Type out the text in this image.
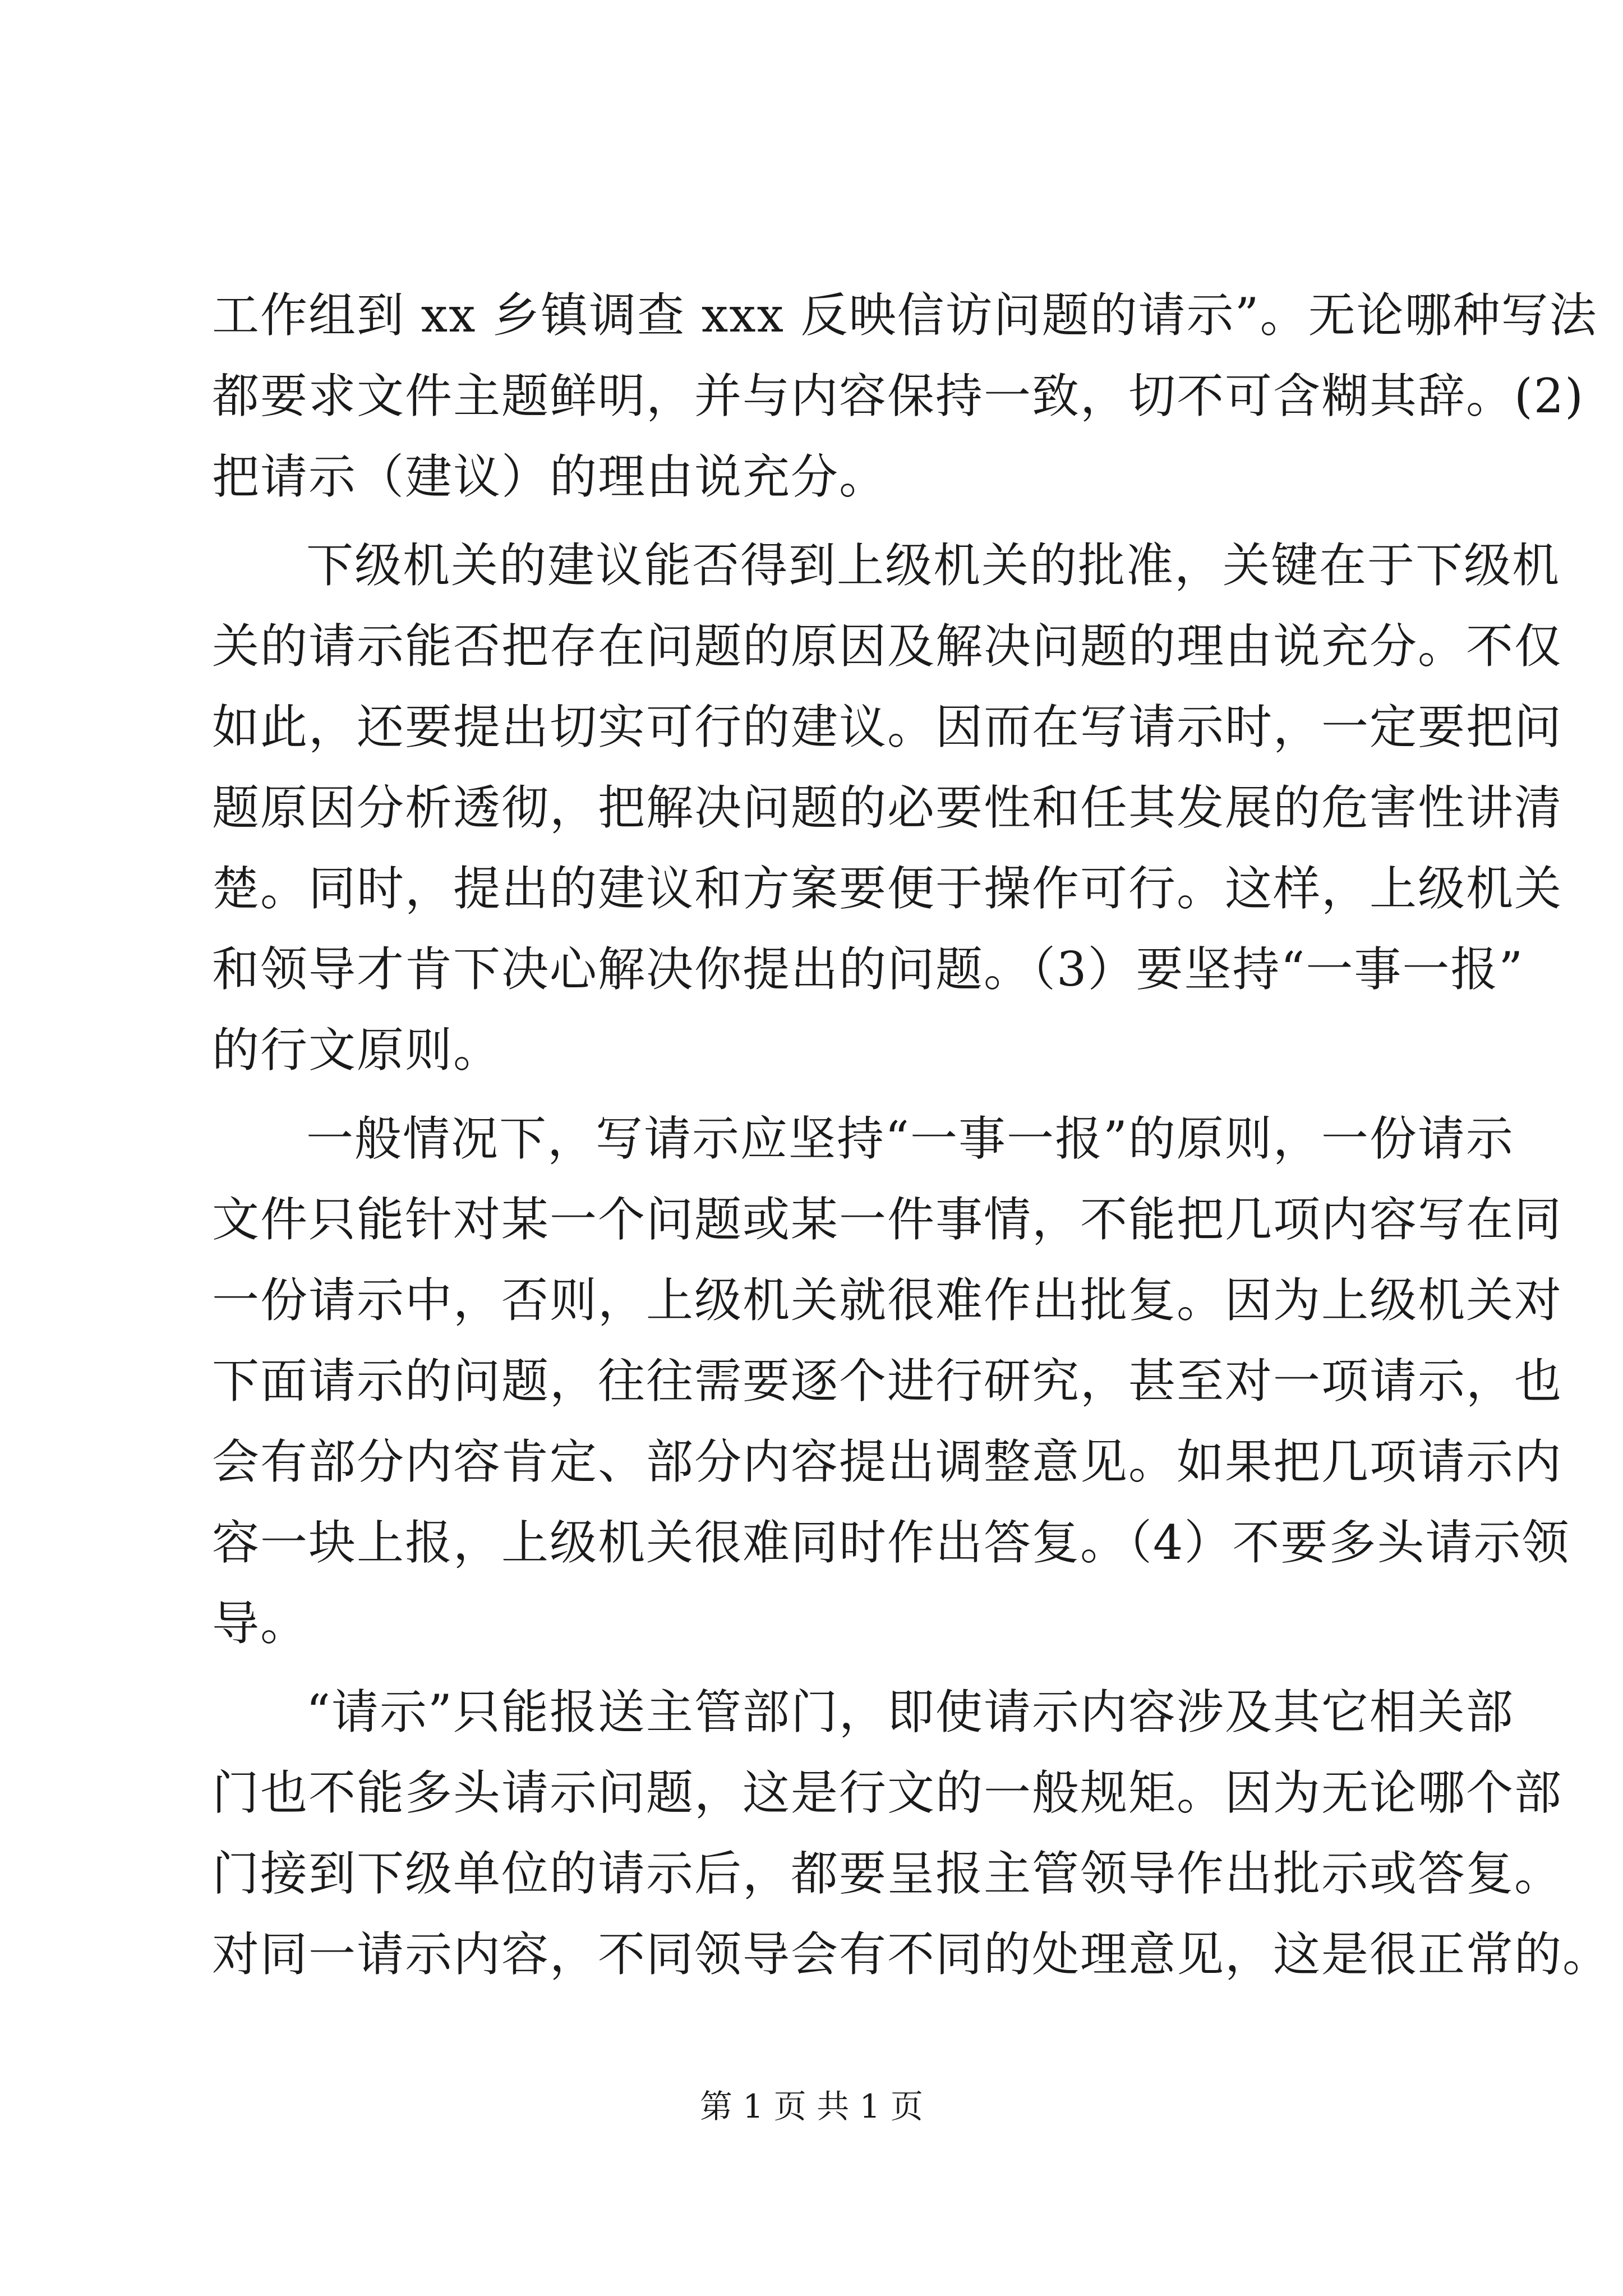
工作组到 xx 乡镇调查 xxx 反映信访问题的请示”。无论哪种写法
都要求文件主题鲜明，并与内容保持一致，切不可含糊其辞。(2)
把请示（建议）的理由说充分。
下级机关的建议能否得到上级机关的批准，关键在于下级机
关的请示能否把存在问题的原因及解决问题的理由说充分。不仅
如此，还要提出切实可行的建议。因而在写请示时，一定要把问
题原因分析透彻，把解决问题的必要性和任其发展的危害性讲清
楚。同时，提出的建议和方案要便于操作可行。这样，上级机关
和领导才肯下决心解决你提出的问题。（3）要坚持“一事一报”
的行文原则。
一般情况下，写请示应坚持“一事一报”的原则，一份请示
文件只能针对某一个问题或某一件事情，不能把几项内容写在同
一份请示中，否则，上级机关就很难作出批复。因为上级机关对
下面请示的问题，往往需要逐个进行研究，甚至对一项请示，也
会有部分内容肯定、部分内容提出调整意见。如果把几项请示内
容一块上报，上级机关很难同时作出答复。（4）不要多头请示领
导。
“请示”只能报送主管部门，即使请示内容涉及其它相关部
门也不能多头请示问题，这是行文的一般规矩。因为无论哪个部
门接到下级单位的请示后，都要呈报主管领导作出批示或答复。
对同一请示内容，不同领导会有不同的处理意见，这是很正常的。
第 1 页 共 1 页
